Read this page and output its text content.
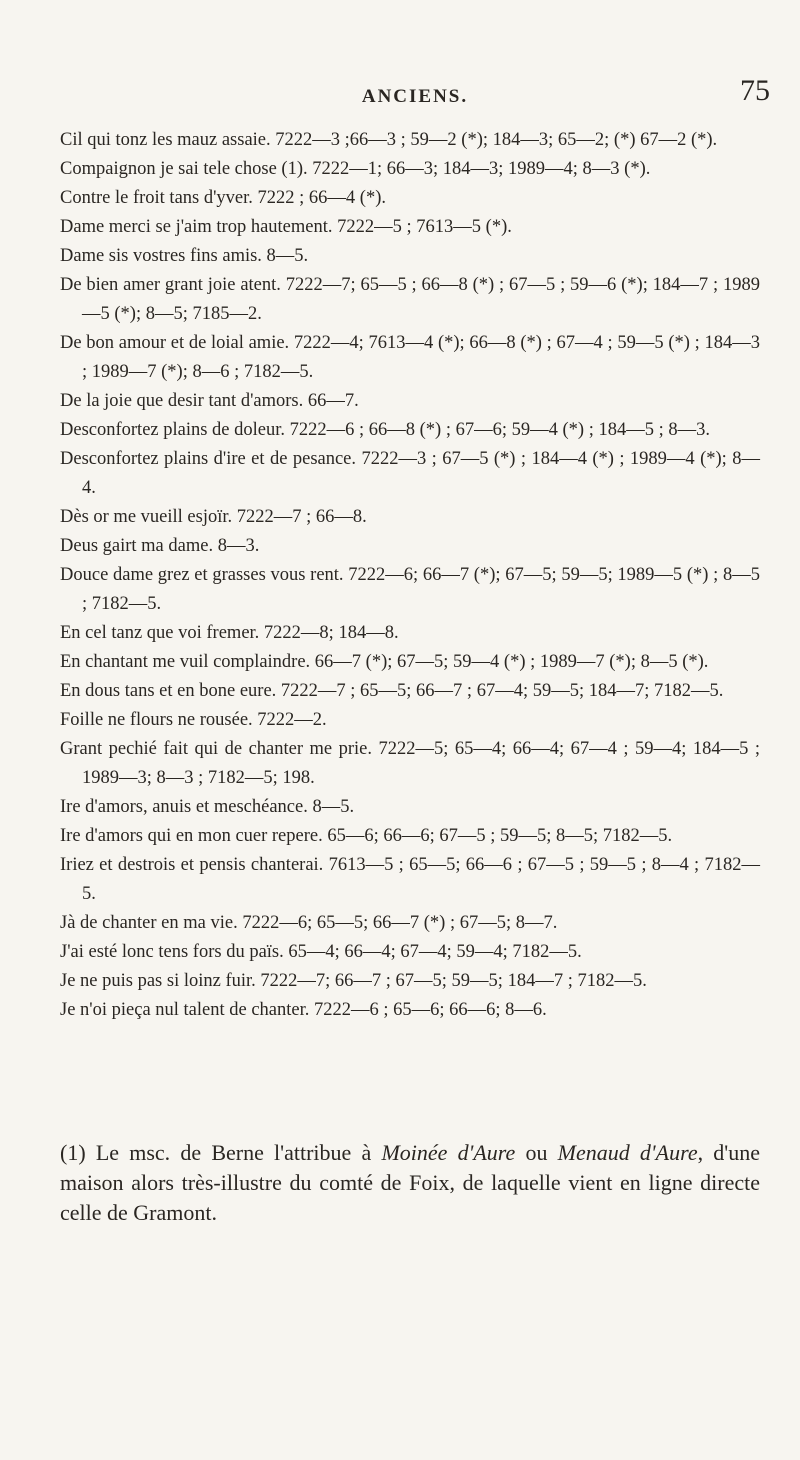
ANCIENS.	75
Cil qui tonz les mauz assaie. 7222—3 ;66—3 ; 59—2 (*); 184—3; 65—2; (*) 67—2 (*).
Compaignon je sai tele chose (1). 7222—1; 66—3; 184—3; 1989—4; 8—3 (*).
Contre le froit tans d'yver. 7222 ; 66—4 (*).
Dame merci se j'aim trop hautement. 7222—5 ; 7613—5 (*).
Dame sis vostres fins amis. 8—5.
De bien amer grant joie atent. 7222—7; 65—5 ; 66—8 (*) ; 67—5 ; 59—6 (*); 184—7 ; 1989—5 (*); 8—5; 7185—2.
De bon amour et de loial amie. 7222—4; 7613—4 (*); 66—8 (*) ; 67—4 ; 59—5 (*) ; 184—3 ; 1989—7 (*); 8—6 ; 7182—5.
De la joie que desir tant d'amors. 66—7.
Desconfortez plains de doleur. 7222—6 ; 66—8 (*) ; 67—6; 59—4 (*) ; 184—5 ; 8—3.
Desconfortez plains d'ire et de pesance. 7222—3 ; 67—5 (*) ; 184—4 (*) ; 1989—4 (*); 8—4.
Dès or me vueill esjoïr. 7222—7 ; 66—8.
Deus gairt ma dame. 8—3.
Douce dame grez et grasses vous rent. 7222—6; 66—7 (*); 67—5; 59—5; 1989—5 (*) ; 8—5 ; 7182—5.
En cel tanz que voi fremer. 7222—8; 184—8.
En chantant me vuil complaindre. 66—7 (*); 67—5; 59—4 (*) ; 1989—7 (*); 8—5 (*).
En dous tans et en bone eure. 7222—7 ; 65—5; 66—7 ; 67—4; 59—5; 184—7; 7182—5.
Foille ne flours ne rousée. 7222—2.
Grant pechié fait qui de chanter me prie. 7222—5; 65—4; 66—4; 67—4 ; 59—4; 184—5 ; 1989—3; 8—3 ; 7182—5; 198.
Ire d'amors, anuis et meschéance. 8—5.
Ire d'amors qui en mon cuer repere. 65—6; 66—6; 67—5 ; 59—5; 8—5; 7182—5.
Iriez et destrois et pensis chanterai. 7613—5 ; 65—5; 66—6 ; 67—5 ; 59—5 ; 8—4 ; 7182—5.
Jà de chanter en ma vie. 7222—6; 65—5; 66—7 (*) ; 67—5; 8—7.
J'ai esté lonc tens fors du païs. 65—4; 66—4; 67—4; 59—4; 7182—5.
Je ne puis pas si loinz fuir. 7222—7; 66—7 ; 67—5; 59—5; 184—7 ; 7182—5.
Je n'oi pieça nul talent de chanter. 7222—6 ; 65—6; 66—6; 8—6.
(1) Le msc. de Berne l'attribue à Moinée d'Aure ou Menaud d'Aure, d'une maison alors très-illustre du comté de Foix, de laquelle vient en ligne directe celle de Gramont.
